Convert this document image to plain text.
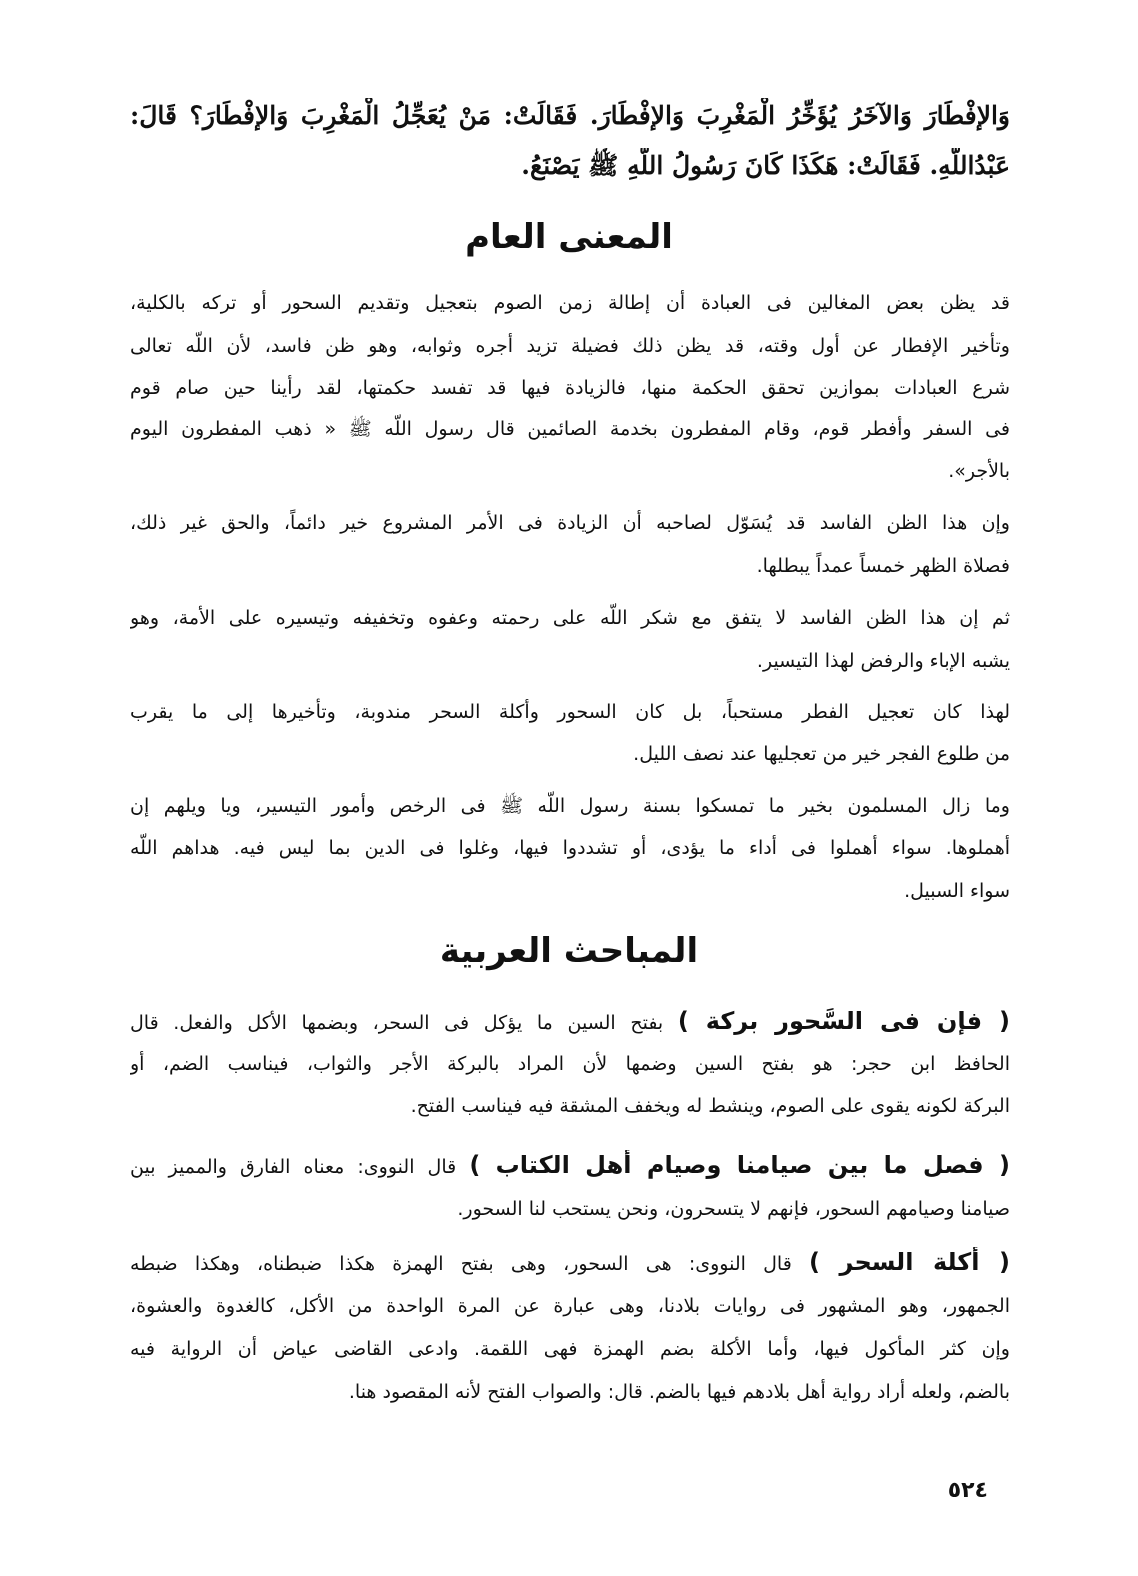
وَالإفْطَارَ وَالآخَرُ يُؤَخِّرُ الْمَغْرِبَ وَالإفْطَارَ. فَقَالَتْ: مَنْ يُعَجِّلُ الْمَغْرِبَ وَالإفْطَارَ؟ قَالَ:
عَبْدُاللَّهِ. فَقَالَتْ: هَكَذَا كَانَ رَسُولُ اللَّهِ ﷺ يَصْنَعُ.
المعنى العام
قد يظن بعض المغالين فى العبادة أن إطالة زمن الصوم بتعجيل وتقديم السحور أو تركه بالكلية،
وتأخير الإفطار عن أول وقته، قد يظن ذلك فضيلة تزيد أجره وثوابه، وهو ظن فاسد، لأن اللَّه تعالى
شرع العبادات بموازين تحقق الحكمة منها، فالزيادة فيها قد تفسد حكمتها، لقد رأينا حين صام قوم
فى السفر وأفطر قوم، وقام المفطرون بخدمة الصائمين قال رسول اللَّه ﷺ « ذهب المفطرون اليوم
بالأجر».
وإن هذا الظن الفاسد قد يُسَوّل لصاحبه أن الزيادة فى الأمر المشروع خير دائماً، والحق غير ذلك،
فصلاة الظهر خمساً عمداً يبطلها.
ثم إن هذا الظن الفاسد لا يتفق مع شكر اللَّه على رحمته وعفوه وتخفيفه وتيسيره على الأمة، وهو
يشبه الإباء والرفض لهذا التيسير.
لهذا كان تعجيل الفطر مستحباً، بل كان السحور وأكلة السحر مندوبة، وتأخيرها إلى ما يقرب
من طلوع الفجر خير من تعجليها عند نصف الليل.
وما زال المسلمون بخير ما تمسكوا بسنة رسول اللَّه ﷺ فى الرخص وأمور التيسير، ويا ويلهم إن
أهملوها. سواء أهملوا فى أداء ما يؤدى، أو تشددوا فيها، وغلوا فى الدين بما ليس فيه. هداهم اللَّه
سواء السبيل.
المباحث العربية
( فإن فى السَّحور بركة ) بفتح السين ما يؤكل فى السحر، وبضمها الأكل والفعل. قال
الحافظ ابن حجر: هو بفتح السين وضمها لأن المراد بالبركة الأجر والثواب، فيناسب الضم، أو
البركة لكونه يقوى على الصوم، وينشط له ويخفف المشقة فيه فيناسب الفتح.
( فصل ما بين صيامنا وصيام أهل الكتاب ) قال النووى: معناه الفارق والمميز بين
صيامنا وصيامهم السحور، فإنهم لا يتسحرون، ونحن يستحب لنا السحور.
( أكلة السحر ) قال النووى: هى السحور، وهى بفتح الهمزة هكذا ضبطناه، وهكذا ضبطه
الجمهور، وهو المشهور فى روايات بلادنا، وهى عبارة عن المرة الواحدة من الأكل، كالغدوة والعشوة،
وإن كثر المأكول فيها، وأما الأكلة بضم الهمزة فهى اللقمة. وادعى القاضى عياض أن الرواية فيه
بالضم، ولعله أراد رواية أهل بلادهم فيها بالضم. قال: والصواب الفتح لأنه المقصود هنا.
٥٢٤
